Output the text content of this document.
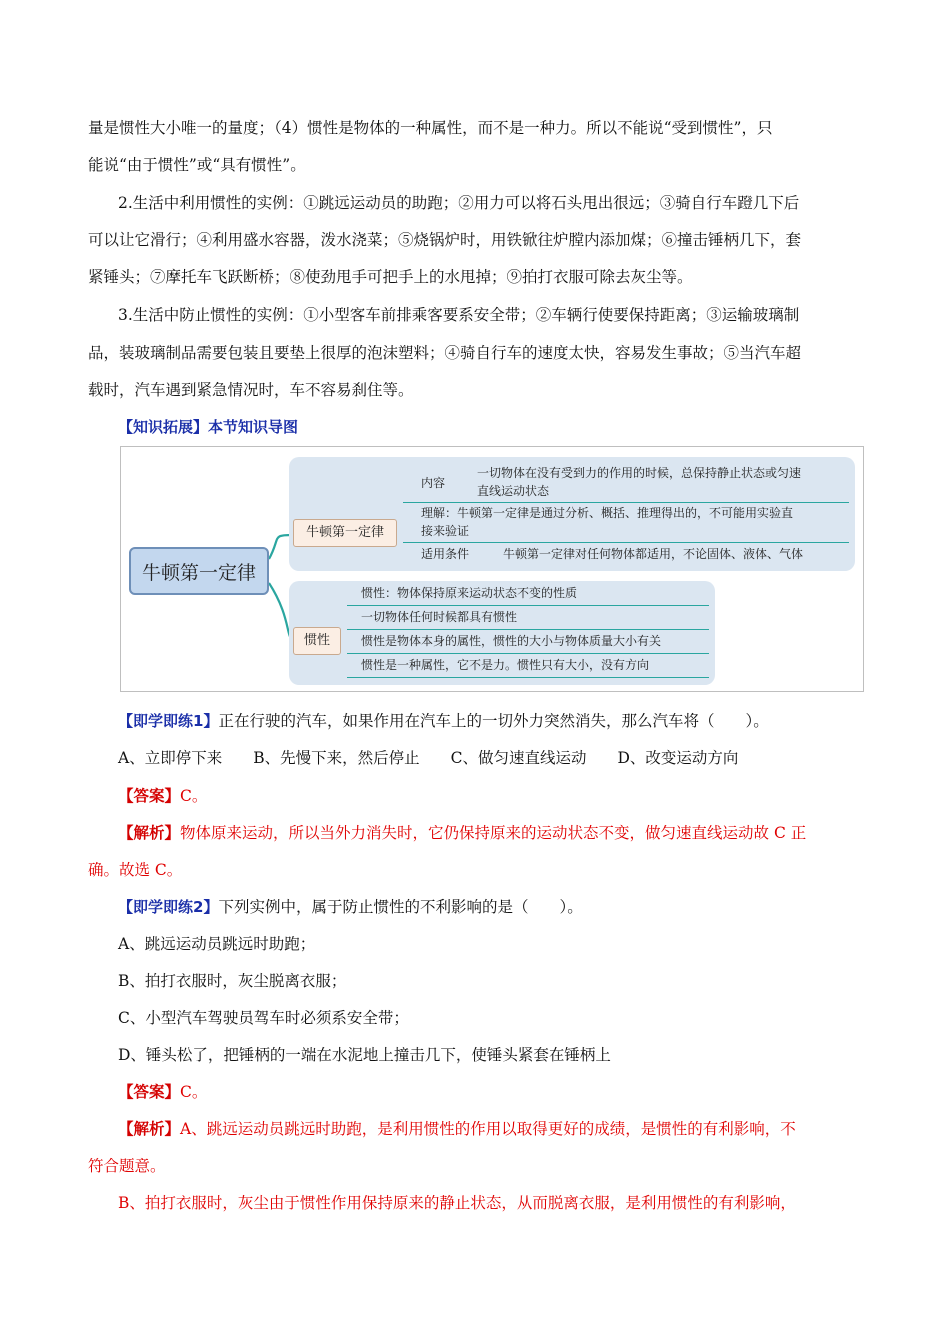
量是惯性大小唯一的量度；（4）惯性是物体的一种属性，而不是一种力。所以不能说“受到惯性”，只
能说“由于惯性”或“具有惯性”。
2.生活中利用惯性的实例：①跳远运动员的助跑；②用力可以将石头甩出很远；③骑自行车蹬几下后
可以让它滑行；④利用盛水容器，泼水浇菜；⑤烧锅炉时，用铁锨往炉膛内添加煤；⑥撞击锤柄几下，套
紧锤头；⑦摩托车飞跃断桥；⑧使劲甩手可把手上的水甩掉；⑨拍打衣服可除去灰尘等。
3.生活中防止惯性的实例：①小型客车前排乘客要系安全带；②车辆行使要保持距离；③运输玻璃制
品，装玻璃制品需要包装且要垫上很厚的泡沫塑料；④骑自行车的速度太快，容易发生事故；⑤当汽车超
载时，汽车遇到紧急情况时，车不容易刹住等。
【知识拓展】本节知识导图
牛顿第一定律
牛顿第一定律
内容
一切物体在没有受到力的作用的时候，总保持静止状态或匀速
直线运动状态
理解：牛顿第一定律是通过分析、概括、推理得出的，不可能用实验直
接来验证
适用条件	牛顿第一定律对任何物体都适用，不论固体、液体、气体
惯性
惯性：物体保持原来运动状态不变的性质
一切物体任何时候都具有惯性
惯性是物体本身的属性，惯性的大小与物体质量大小有关
惯性是一种属性，它不是力。惯性只有大小，没有方向
【即学即练1】正在行驶的汽车，如果作用在汽车上的一切外力突然消失，那么汽车将（　　）。
A、立即停下来　　B、先慢下来，然后停止　　C、做匀速直线运动　　D、改变运动方向
【答案】C。
【解析】物体原来运动，所以当外力消失时，它仍保持原来的运动状态不变，做匀速直线运动故 C 正
确。故选 C。
【即学即练2】下列实例中，属于防止惯性的不利影响的是（　　）。
A、跳远运动员跳远时助跑；
B、拍打衣服时，灰尘脱离衣服；
C、小型汽车驾驶员驾车时必须系安全带；
D、锤头松了，把锤柄的一端在水泥地上撞击几下，使锤头紧套在锤柄上
【答案】C。
【解析】A、跳远运动员跳远时助跑，是利用惯性的作用以取得更好的成绩，是惯性的有利影响，不
符合题意。
B、拍打衣服时，灰尘由于惯性作用保持原来的静止状态，从而脱离衣服，是利用惯性的有利影响，
